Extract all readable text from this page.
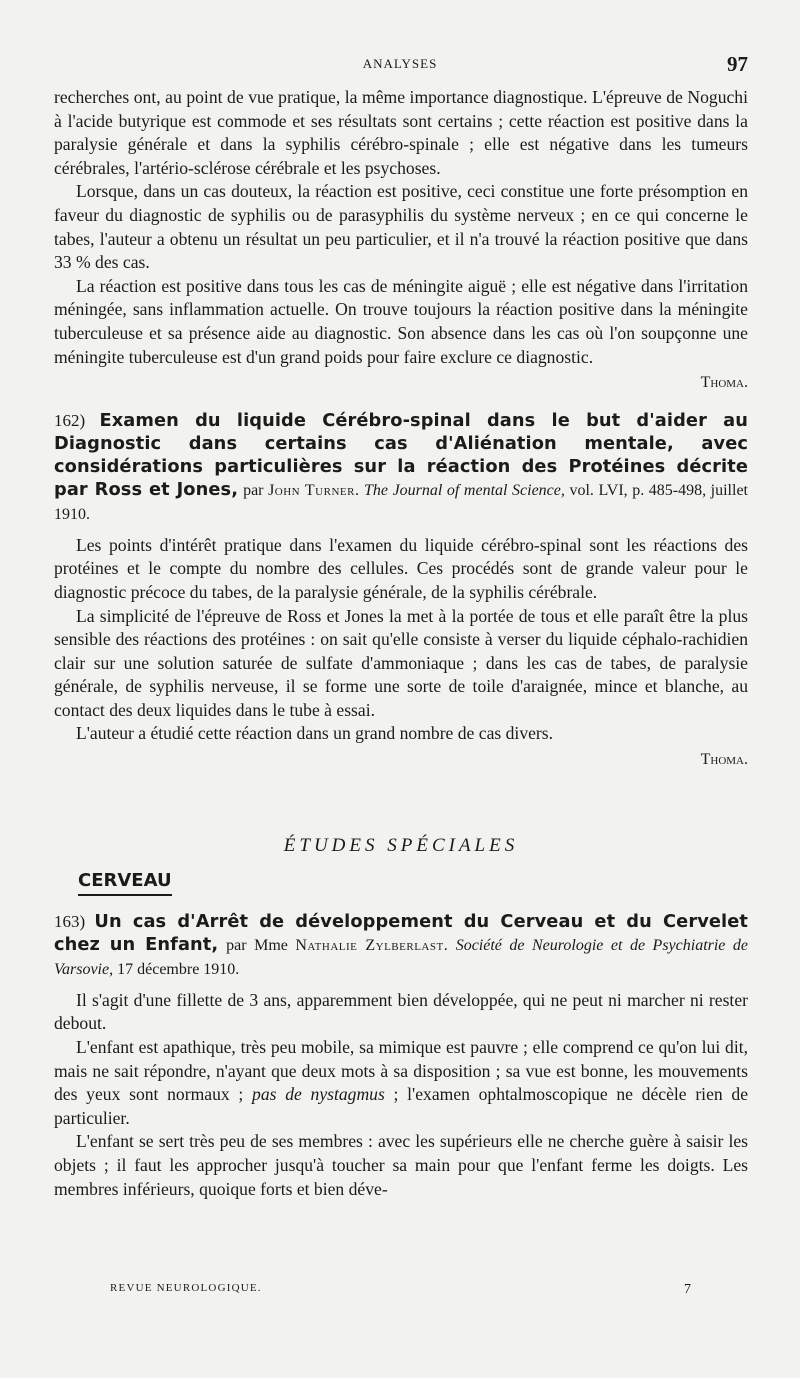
ANALYSES	97

recherches ont, au point de vue pratique, la même importance diagnostique. L'épreuve de Noguchi à l'acide butyrique est commode et ses résultats sont certains ; cette réaction est positive dans la paralysie générale et dans la syphilis cérébro-spinale ; elle est négative dans les tumeurs cérébrales, l'artério-sclérose cérébrale et les psychoses.

Lorsque, dans un cas douteux, la réaction est positive, ceci constitue une forte présomption en faveur du diagnostic de syphilis ou de parasyphilis du système nerveux ; en ce qui concerne le tabes, l'auteur a obtenu un résultat un peu particulier, et il n'a trouvé la réaction positive que dans 33 % des cas.

La réaction est positive dans tous les cas de méningite aiguë ; elle est négative dans l'irritation méningée, sans inflammation actuelle. On trouve toujours la réaction positive dans la méningite tuberculeuse et sa présence aide au diagnostic. Son absence dans les cas où l'on soupçonne une méningite tuberculeuse est d'un grand poids pour faire exclure ce diagnostic.

Thoma.
162) Examen du liquide Cérébro-spinal dans le but d'aider au Diagnostic dans certains cas d'Aliénation mentale, avec considérations particulières sur la réaction des Protéines décrite par Ross et Jones, par John Turner. The Journal of mental Science, vol. LVI, p. 485-498, juillet 1910.

Les points d'intérêt pratique dans l'examen du liquide cérébro-spinal sont les réactions des protéines et le compte du nombre des cellules. Ces procédés sont de grande valeur pour le diagnostic précoce du tabes, de la paralysie générale, de la syphilis cérébrale.

La simplicité de l'épreuve de Ross et Jones la met à la portée de tous et elle paraît être la plus sensible des réactions des protéines : on sait qu'elle consiste à verser du liquide céphalo-rachidien clair sur une solution saturée de sulfate d'ammoniaque ; dans les cas de tabes, de paralysie générale, de syphilis nerveuse, il se forme une sorte de toile d'araignée, mince et blanche, au contact des deux liquides dans le tube à essai.

L'auteur a étudié cette réaction dans un grand nombre de cas divers.

Thoma.
ÉTUDES SPÉCIALES
CERVEAU
163) Un cas d'Arrêt de développement du Cerveau et du Cervelet chez un Enfant, par Mme Nathalie Zylberlast. Société de Neurologie et de Psychiatrie de Varsovie, 17 décembre 1910.

Il s'agit d'une fillette de 3 ans, apparemment bien développée, qui ne peut ni marcher ni rester debout.

L'enfant est apathique, très peu mobile, sa mimique est pauvre ; elle comprend ce qu'on lui dit, mais ne sait répondre, n'ayant que deux mots à sa disposition ; sa vue est bonne, les mouvements des yeux sont normaux ; pas de nystagmus ; l'examen ophtalmoscopique ne décèle rien de particulier.

L'enfant se sert très peu de ses membres : avec les supérieurs elle ne cherche guère à saisir les objets ; il faut les approcher jusqu'à toucher sa main pour que l'enfant ferme les doigts. Les membres inférieurs, quoique forts et bien déve-

REVUE NEUROLOGIQUE.	7
